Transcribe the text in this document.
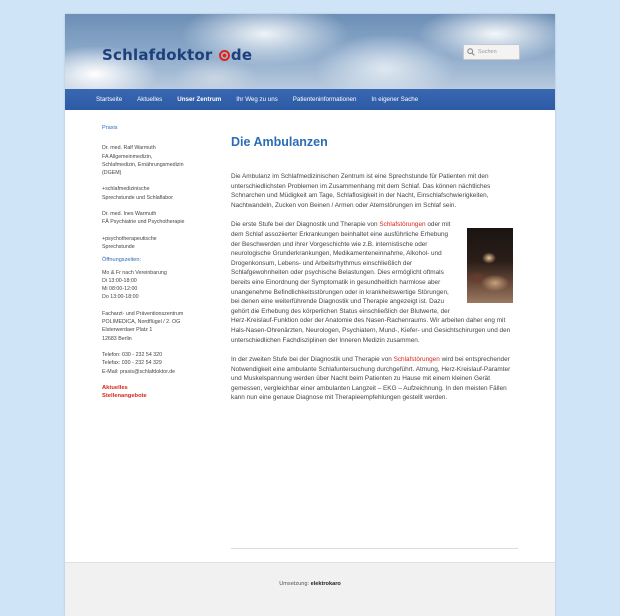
Schlafdoktor de
Suchen
Startseite Aktuelles Unser Zentrum Ihr Weg zu uns Patienteninformationen In eigener Sache

Praxis

Dr. med. Ralf Warmuth

FA Allgemeinmedizin,

Schlafmedizin, Ernährungsmedizin

(DGEM)

+schlafmedizinische

Sprechstunde und Schlaflabor

Dr. med. Ines Warmuth

FÄ Psychiatrie und Psychotherapie

+psychotherapeutische

Sprechstunde

Öffnungszeiten:

Mo & Fr nach Vereinbarung

Di 13:00-18:00

Mi 08:00-12:00

Do 13:00-18:00

Facharzt- und Präventionszentrum

POLIMEDICA, Nordflügel / 2. OG

Elsterwerdaer Platz 1

12683 Berlin

Telefon: 030 - 232 54 320

Telefax: 030 - 232 54 329

E-Mail: praxis@schlafdoktor.de

Aktuelles

Stellenangebote

Die Ambulanzen

Die Ambulanz im Schlafmedizinischen Zentrum ist eine Sprechstunde für Patienten mit den unterschiedlichsten Problemen im Zusammenhang mit dem Schlaf. Das können nächtliches Schnarchen und Müdigkeit am Tage, Schlaflosigkeit in der Nacht, Einschlafschwierigkeiten, Nachtwandeln, Zucken von Beinen / Armen oder Atemstörungen im Schlaf sein.

Die erste Stufe bei der Diagnostik und Therapie von Schlafstörungen oder mit dem Schlaf assoziierter Erkrankungen beinhaltet eine ausführliche Erhebung der Beschwerden und ihrer Vorgeschichte wie z.B. internistische oder neurologische Grunderkrankungen, Medikamenteneinnahme, Alkohol- und Drogenkonsum, Lebens- und Arbeitsrhythmus einschließlich der Schlafgewohnheiten oder psychische Belastungen. Dies ermöglicht oftmals bereits eine Einordnung der Symptomatik in gesundheitlich harmlose aber unangenehme Befindlichkeitsstörungen oder in krankheitswertige Störungen, bei denen eine weiterführende Diagnostik und Therapie angezeigt ist. Dazu gehört die Erhebung des körperlichen Status einschließlich der Blutwerte, der Herz-Kreislauf-Funktion oder der Anatomie des Nasen-Rachenraums. Wir arbeiten daher eng mit Hals-Nasen-Ohrenärzten, Neurologen, Psychiatern, Mund-, Kiefer- und Gesichtschirurgen und den unterschiedlichen Fachdisziplinen der Inneren Medizin zusammen.

In der zweiten Stufe bei der Diagnostik und Therapie von Schlafstörungen wird bei entsprechender Notwendigkeit eine ambulante Schlafuntersuchung durchgeführt. Atmung, Herz-Kreislauf-Paramter und Muskelspannung werden über Nacht beim Patienten zu Hause mit einem kleinen Gerät gemessen, vergleichbar einer ambulanten Langzeit – EKG – Aufzeichnung. In den meisten Fällen kann nun eine genaue Diagnose mit Therapieempfehlungen gestellt werden.

Umsetzung: elektrokaro
